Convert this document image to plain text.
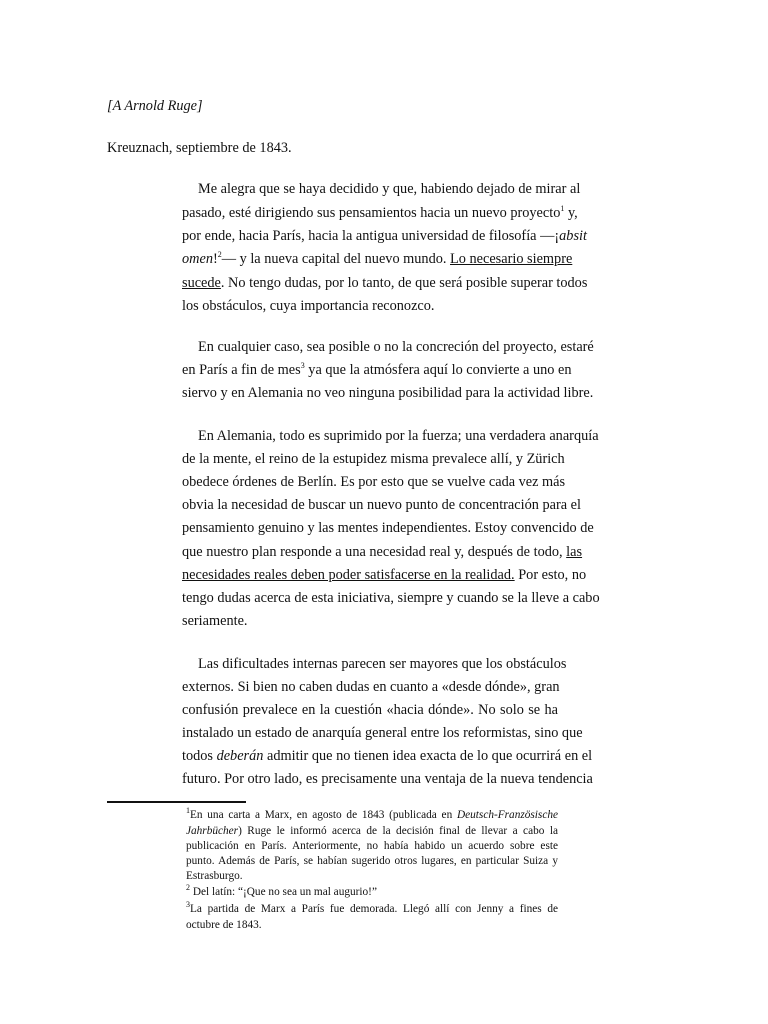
[A Arnold Ruge]
Kreuznach, septiembre de 1843.
Me alegra que se haya decidido y que, habiendo dejado de mirar al
pasado, esté dirigiendo sus pensamientos hacia un nuevo proyecto$^1$ y,
por ende, hacia París, hacia la antigua universidad de filosofía —¡absit
omen!$^2$— y la nueva capital del nuevo mundo. Lo necesario siempre
sucede. No tengo dudas, por lo tanto, de que será posible superar todos
los obstáculos, cuya importancia reconozco.
En cualquier caso, sea posible o no la concreción del proyecto, estaré
en París a fin de mes$^3$ ya que la atmósfera aquí lo convierte a uno en
siervo y en Alemania no veo ninguna posibilidad para la actividad libre.
En Alemania, todo es suprimido por la fuerza; una verdadera anarquía
de la mente, el reino de la estupidez misma prevalece allí, y Zürich
obedece órdenes de Berlín. Es por esto que se vuelve cada vez más
obvia la necesidad de buscar un nuevo punto de concentración para el
pensamiento genuino y las mentes independientes. Estoy convencido de
que nuestro plan responde a una necesidad real y, después de todo, las
necesidades reales deben poder satisfacerse en la realidad. Por esto, no
tengo dudas acerca de esta iniciativa, siempre y cuando se la lleve a cabo
seriamente.
Las dificultades internas parecen ser mayores que los obstáculos
externos. Si bien no caben dudas en cuanto a «desde dónde», gran
confusión prevalece en la cuestión «hacia dónde». No solo se ha
instalado un estado de anarquía general entre los reformistas, sino que
todos deberán admitir que no tienen idea exacta de lo que ocurrirá en el
futuro. Por otro lado, es precisamente una ventaja de la nueva tendencia
$^1$En una carta a Marx, en agosto de 1843 (publicada en Deutsch-Französische
Jahrbücher) Ruge le informó acerca de la decisión final de llevar a cabo la
publicación en París. Anteriormente, no había habido un acuerdo sobre este
punto. Además de París, se habían sugerido otros lugares, en particular Suiza y
Estrasburgo.
$^2$ Del latín: “¡Que no sea un mal augurio!”
$^3$La partida de Marx a París fue demorada. Llegó allí con Jenny a fines de
octubre de 1843.
